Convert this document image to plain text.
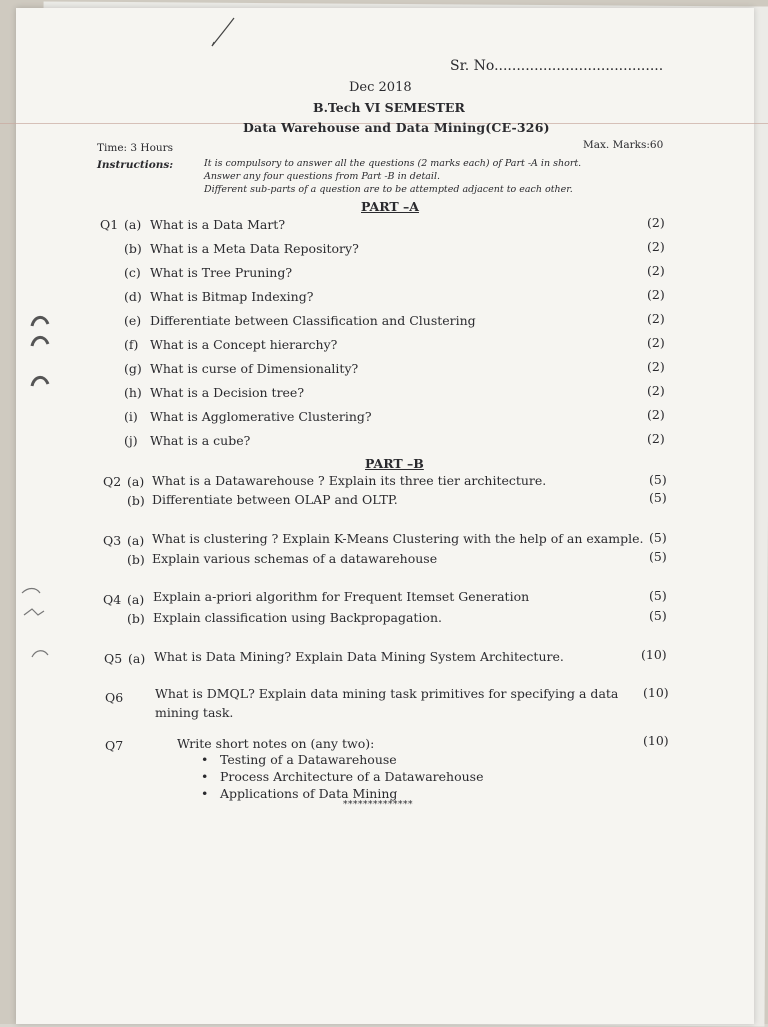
Sr. No......................................
Dec 2018
B.Tech VI SEMESTER
Data Warehouse and Data Mining(CE-326)
Time: 3 Hours	Max. Marks:60
Instructions:	It is compulsory to answer all the questions (2 marks each) of Part -A in short.
Answer any four questions from Part -B in detail.
Different sub-parts of a question are to be attempted adjacent to each other.
PART –A
Q1 (a) What is a Data Mart?	(2)
(b) What is a Meta Data Repository?	(2)
(c) What is Tree Pruning?	(2)
(d) What is Bitmap Indexing?	(2)
(e) Differentiate between Classification and Clustering	(2)
(f) What is a Concept hierarchy?	(2)
(g) What is curse of Dimensionality?	(2)
(h) What is a Decision tree?	(2)
(i) What is Agglomerative Clustering?	(2)
(j) What is a cube?	(2)
PART –B
Q2 (a) What is a Datawarehouse ? Explain its three tier architecture.	(5)
(b) Differentiate between OLAP and OLTP.	(5)
Q3 (a) What is clustering ? Explain K-Means Clustering with the help of an example. (5)
(b) Explain various schemas of a datawarehouse	(5)
Q4 (a) Explain a-priori algorithm for Frequent Itemset Generation	(5)
(b) Explain classification using Backpropagation.	(5)
Q5 (a) What is Data Mining? Explain Data Mining System Architecture.	(10)
Q6	What is DMQL? Explain data mining task primitives for specifying a data
mining task.
(10)
Q7	Write short notes on (any two):	(10)
• Testing of a Datawarehouse
• Process Architecture of a Datawarehouse
• Applications of Data Mining
**************
